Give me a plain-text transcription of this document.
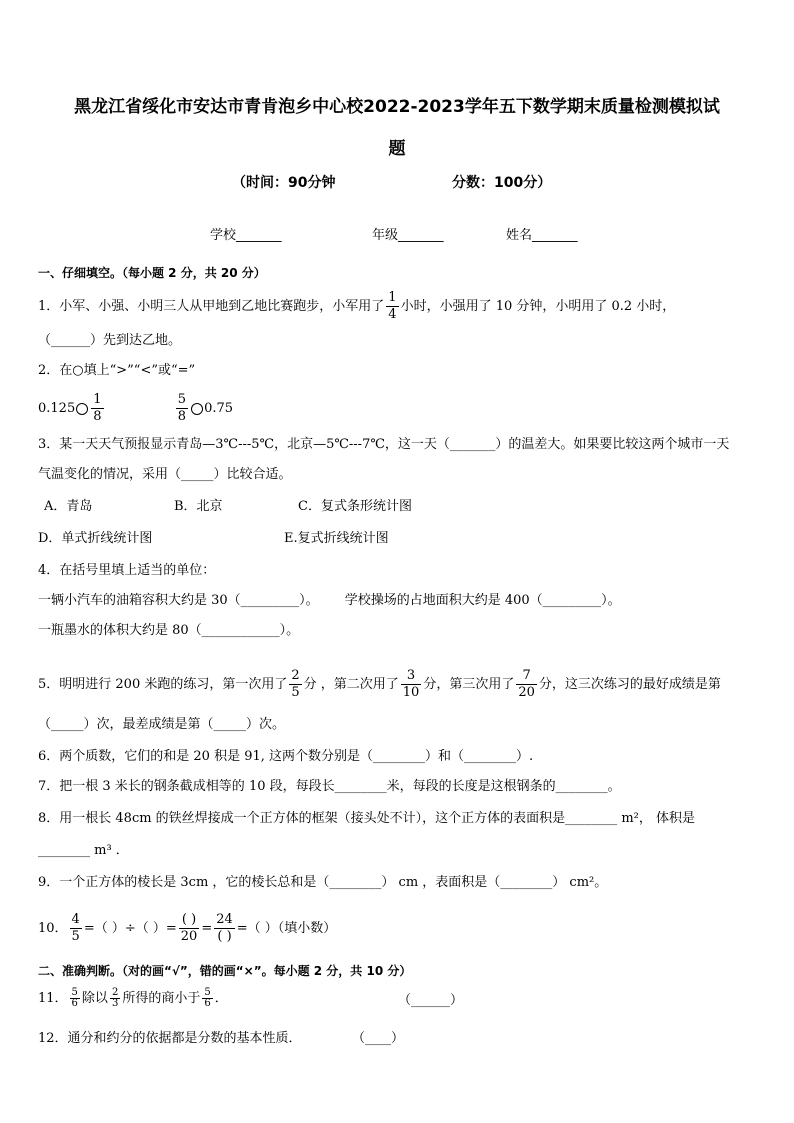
黑龙江省绥化市安达市青肯泡乡中心校2022-2023学年五下数学期末质量检测模拟试
题
（时间：90分钟	分数：100分）
学校_______	年级_______	姓名_______
一、仔细填空。（每小题 2 分，共 20 分）
1．小军、小强、小明三人从甲地到乙地比赛跑步，小军用了 $\frac{1}{4}$ 小时，小强用了 10 分钟，小明用了 0.2 小时，
（______）先到达乙地。
2．在○填上“>”“<”或“=”
$0.125 \frac{1}{8}$
	$\frac{5}{8} 0.75$
3．某一天天气预报显示青岛—3℃---5℃，北京—5℃---7℃，这一天（_______）的温差大。如果要比较这两个城市一天
气温变化的情况，采用（_____）比较合适。
A．青岛	B．北京	C．复式条形统计图
D．单式折线统计图	E.复式折线统计图
4．在括号里填上适当的单位：
一辆小汽车的油箱容积大约是 30（_________）。 学校操场的占地面积大约是 400（_________）。
一瓶墨水的体积大约是 80（____________）。
5．明明进行 200 米跑的练习，第一次用了 $\frac{2}{5}$ 分 ，第二次用了 $\frac{3}{10}$ 分，第三次用了 $\frac{7}{20}$ 分，这三次练习的最好成绩是第
（_____）次，最差成绩是第（_____）次。
6．两个质数，它们的和是 20 积是 91, 这两个数分别是（________）和（________）.
7．把一根 3 米长的钢条截成相等的 10 段，每段长________米，每段的长度是这根钢条的________。
8．用一根长 48cm 的铁丝焊接成一个正方体的框架（接头处不计），这个正方体的表面积是________ m²， 体积是
________ m³ ．
9．一个正方体的棱长是 3cm ，它的棱长总和是（________） cm ，表面积是（________） cm²。
10． $\frac{4}{5}$ =（ ）÷（ ）= $\frac{( )}{20} = \frac{24}{( )}$ =（ ）（填小数）
二、准确判断。（对的画“√”，错的画“×”。每小题 2 分，共 10 分）
11． $\frac{5}{6}$ 除以 $\frac{2}{3}$ 所得的商小于 $\frac{5}{6}$ ．	（______）
12．通分和约分的依据都是分数的基本性质．	（____）
